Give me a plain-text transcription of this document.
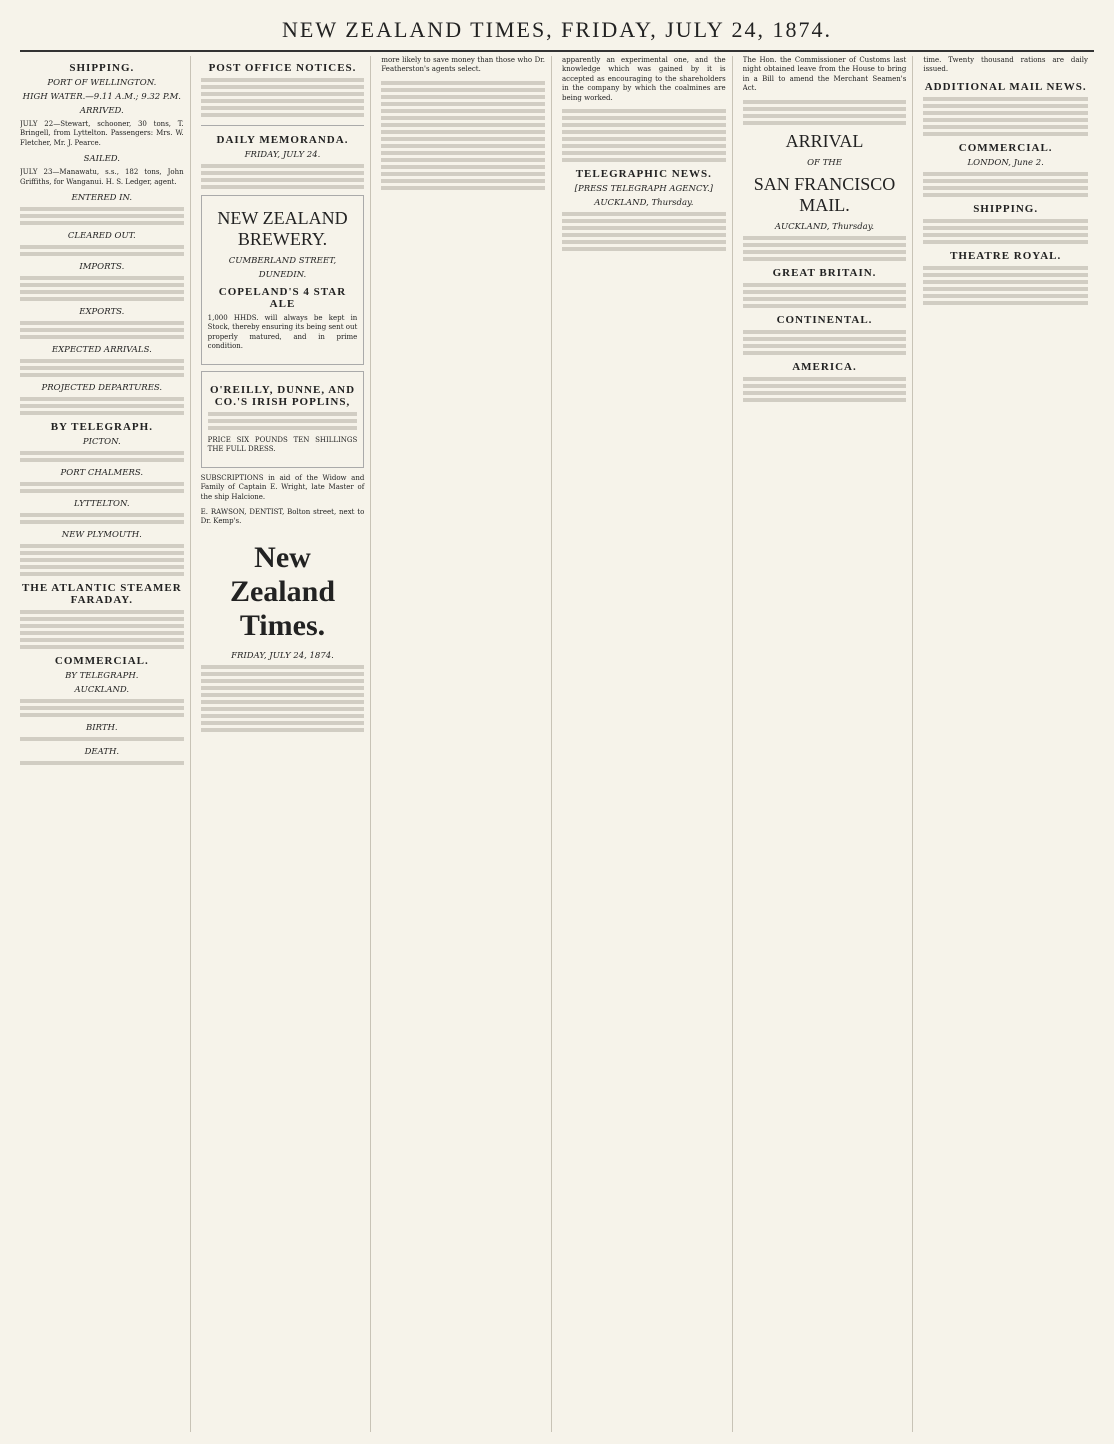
NEW ZEALAND TIMES, FRIDAY, JULY 24, 1874.
SHIPPING.
PORT OF WELLINGTON.
HIGH WATER.—9.11 A.M.; 9.32 P.M.
ARRIVED.

JULY 22—Stewart, schooner, 30 tons, T. Bringell, from Lyttelton. Passengers: Mrs. W. Fletcher, Mr. J. Pearce.

SAILED.

JULY 23—Manawatu, s.s., 182 tons, John Griffiths, for Wanganui. H. S. Ledger, agent.

ENTERED IN.
CLEARED OUT.
IMPORTS.
EXPORTS.
EXPECTED ARRIVALS.
PROJECTED DEPARTURES.
BY TELEGRAPH.
PICTON.
PORT CHALMERS.
LYTTELTON.
NEW PLYMOUTH.
THE ATLANTIC STEAMER FARADAY.
COMMERCIAL.
BY TELEGRAPH.
AUCKLAND.
BIRTH.
DEATH.
POST OFFICE NOTICES.
DAILY MEMORANDA.
FRIDAY, JULY 24.
NEW ZEALAND BREWERY.
CUMBERLAND STREET,
DUNEDIN.
COPELAND'S 4 STAR ALE

1,000 HHDS. will always be kept in Stock, thereby ensuring its being sent out properly matured, and in prime condition.

O'REILLY, DUNNE, AND CO.'S IRISH POPLINS,

PRICE SIX POUNDS TEN SHILLINGS THE FULL DRESS.

SUBSCRIPTIONS in aid of the Widow and Family of Captain E. Wright, late Master of the ship Halcione.

E. RAWSON, DENTIST, Bolton street, next to Dr. Kemp's.

New Zealand Times.
FRIDAY, JULY 24, 1874.

more likely to save money than those who Dr. Featherston's agents select.

apparently an experimental one, and the knowledge which was gained by it is accepted as encouraging to the shareholders in the company by which the coalmines are being worked.

TELEGRAPHIC NEWS.
[PRESS TELEGRAPH AGENCY.]
AUCKLAND, Thursday.

The Hon. the Commissioner of Customs last night obtained leave from the House to bring in a Bill to amend the Merchant Seamen's Act.

ARRIVAL
OF THE
SAN FRANCISCO MAIL.
AUCKLAND, Thursday.
GREAT BRITAIN.
CONTINENTAL.
AMERICA.

time. Twenty thousand rations are daily issued.

ADDITIONAL MAIL NEWS.
COMMERCIAL.
LONDON, June 2.
SHIPPING.
THEATRE ROYAL.
